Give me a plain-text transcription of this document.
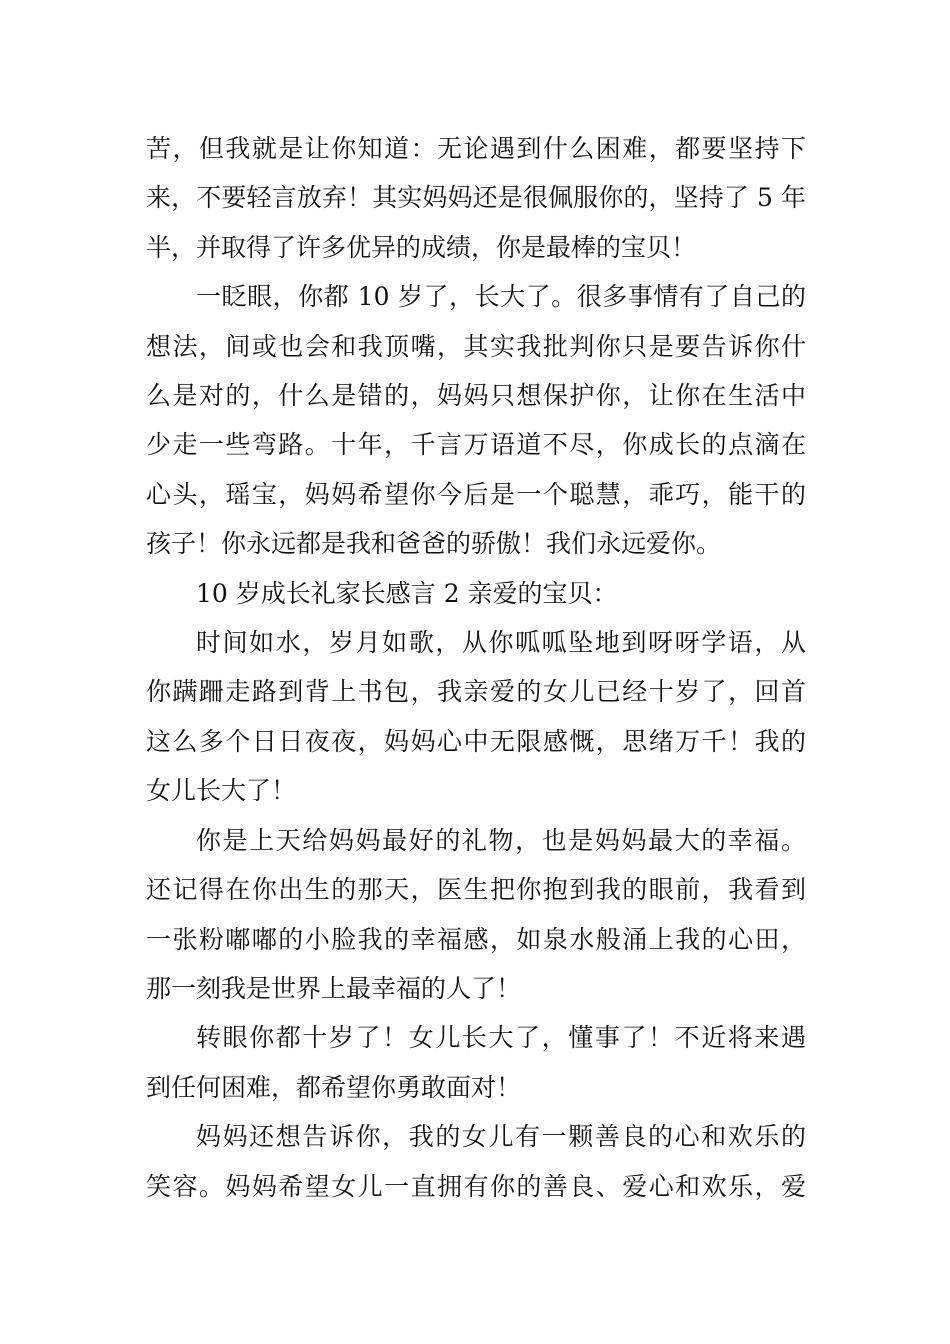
苦，但我就是让你知道：无论遇到什么困难，都要坚持下

来，不要轻言放弃！其实妈妈还是很佩服你的，坚持了 5 年

半，并取得了许多优异的成绩，你是最棒的宝贝！

一眨眼，你都 10 岁了，长大了。很多事情有了自己的

想法，间或也会和我顶嘴，其实我批判你只是要告诉你什

么是对的，什么是错的，妈妈只想保护你，让你在生活中

少走一些弯路。十年，千言万语道不尽，你成长的点滴在

心头，瑶宝，妈妈希望你今后是一个聪慧，乖巧，能干的

孩子！你永远都是我和爸爸的骄傲！我们永远爱你。

10 岁成长礼家长感言 2 亲爱的宝贝：

时间如水，岁月如歌，从你呱呱坠地到呀呀学语，从

你蹒跚走路到背上书包，我亲爱的女儿已经十岁了，回首

这么多个日日夜夜，妈妈心中无限感慨，思绪万千！我的

女儿长大了！

你是上天给妈妈最好的礼物，也是妈妈最大的幸福。

还记得在你出生的那天，医生把你抱到我的眼前，我看到

一张粉嘟嘟的小脸我的幸福感，如泉水般涌上我的心田，

那一刻我是世界上最幸福的人了！

转眼你都十岁了！女儿长大了，懂事了！不近将来遇

到任何困难，都希望你勇敢面对！

妈妈还想告诉你，我的女儿有一颗善良的心和欢乐的

笑容。妈妈希望女儿一直拥有你的善良、爱心和欢乐，爱
